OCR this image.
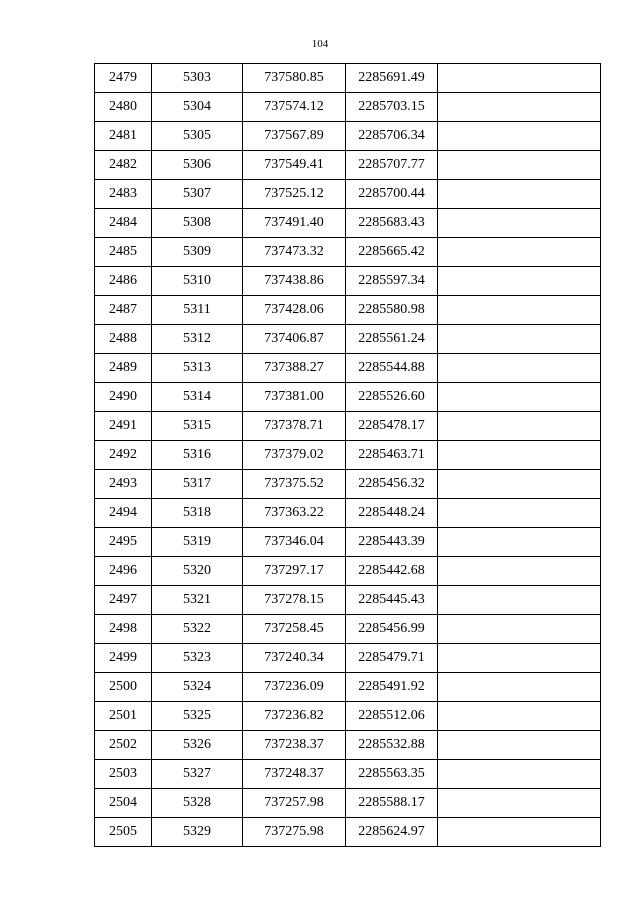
104
2479	5303	737580.85	2285691.49	
2480	5304	737574.12	2285703.15	
2481	5305	737567.89	2285706.34	
2482	5306	737549.41	2285707.77	
2483	5307	737525.12	2285700.44	
2484	5308	737491.40	2285683.43	
2485	5309	737473.32	2285665.42	
2486	5310	737438.86	2285597.34	
2487	5311	737428.06	2285580.98	
2488	5312	737406.87	2285561.24	
2489	5313	737388.27	2285544.88	
2490	5314	737381.00	2285526.60	
2491	5315	737378.71	2285478.17	
2492	5316	737379.02	2285463.71	
2493	5317	737375.52	2285456.32	
2494	5318	737363.22	2285448.24	
2495	5319	737346.04	2285443.39	
2496	5320	737297.17	2285442.68	
2497	5321	737278.15	2285445.43	
2498	5322	737258.45	2285456.99	
2499	5323	737240.34	2285479.71	
2500	5324	737236.09	2285491.92	
2501	5325	737236.82	2285512.06	
2502	5326	737238.37	2285532.88	
2503	5327	737248.37	2285563.35	
2504	5328	737257.98	2285588.17	
2505	5329	737275.98	2285624.97	
